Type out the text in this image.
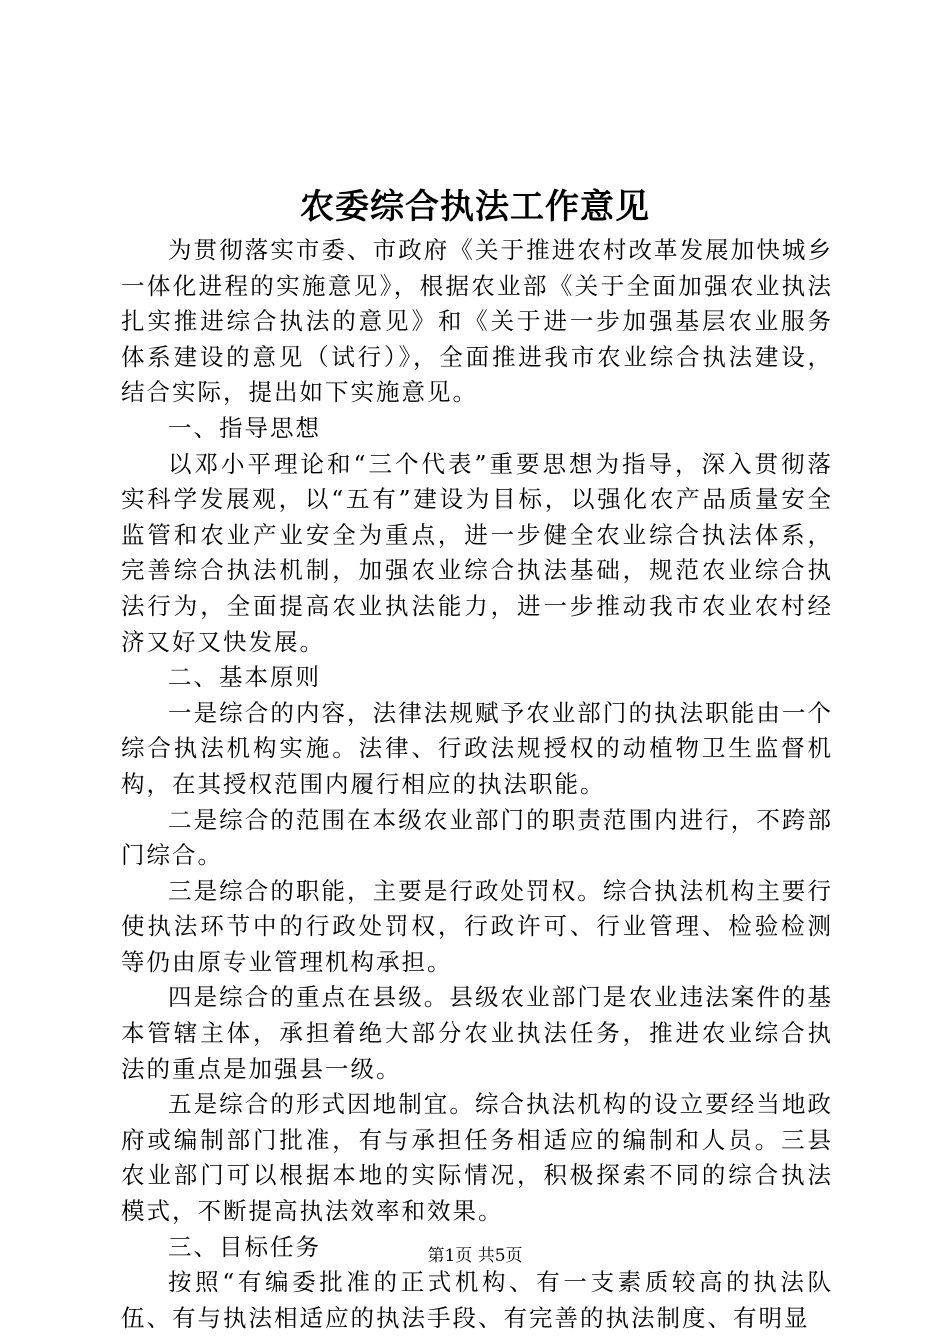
农委综合执法工作意见

为贯彻落实市委、市政府《关于推进农村改革发展加快城乡一体化进程的实施意见》，根据农业部《关于全面加强农业执法扎实推进综合执法的意见》和《关于进一步加强基层农业服务体系建设的意见（试行）》，全面推进我市农业综合执法建设，结合实际，提出如下实施意见。

一、指导思想

以邓小平理论和“三个代表”重要思想为指导，深入贯彻落实科学发展观，以“五有”建设为目标，以强化农产品质量安全监管和农业产业安全为重点，进一步健全农业综合执法体系，完善综合执法机制，加强农业综合执法基础，规范农业综合执法行为，全面提高农业执法能力，进一步推动我市农业农村经济又好又快发展。

二、基本原则

一是综合的内容，法律法规赋予农业部门的执法职能由一个综合执法机构实施。法律、行政法规授权的动植物卫生监督机构，在其授权范围内履行相应的执法职能。

二是综合的范围在本级农业部门的职责范围内进行，不跨部门综合。

三是综合的职能，主要是行政处罚权。综合执法机构主要行使执法环节中的行政处罚权，行政许可、行业管理、检验检测等仍由原专业管理机构承担。

四是综合的重点在县级。县级农业部门是农业违法案件的基本管辖主体，承担着绝大部分农业执法任务，推进农业综合执法的重点是加强县一级。

五是综合的形式因地制宜。综合执法机构的设立要经当地政府或编制部门批准，有与承担任务相适应的编制和人员。三县农业部门可以根据本地的实际情况，积极探索不同的综合执法模式，不断提高执法效率和效果。

三、目标任务

按照“有编委批准的正式机构、有一支素质较高的执法队伍、有与执法相适应的执法手段、有完善的执法制度、有明显

第1页 共5页
